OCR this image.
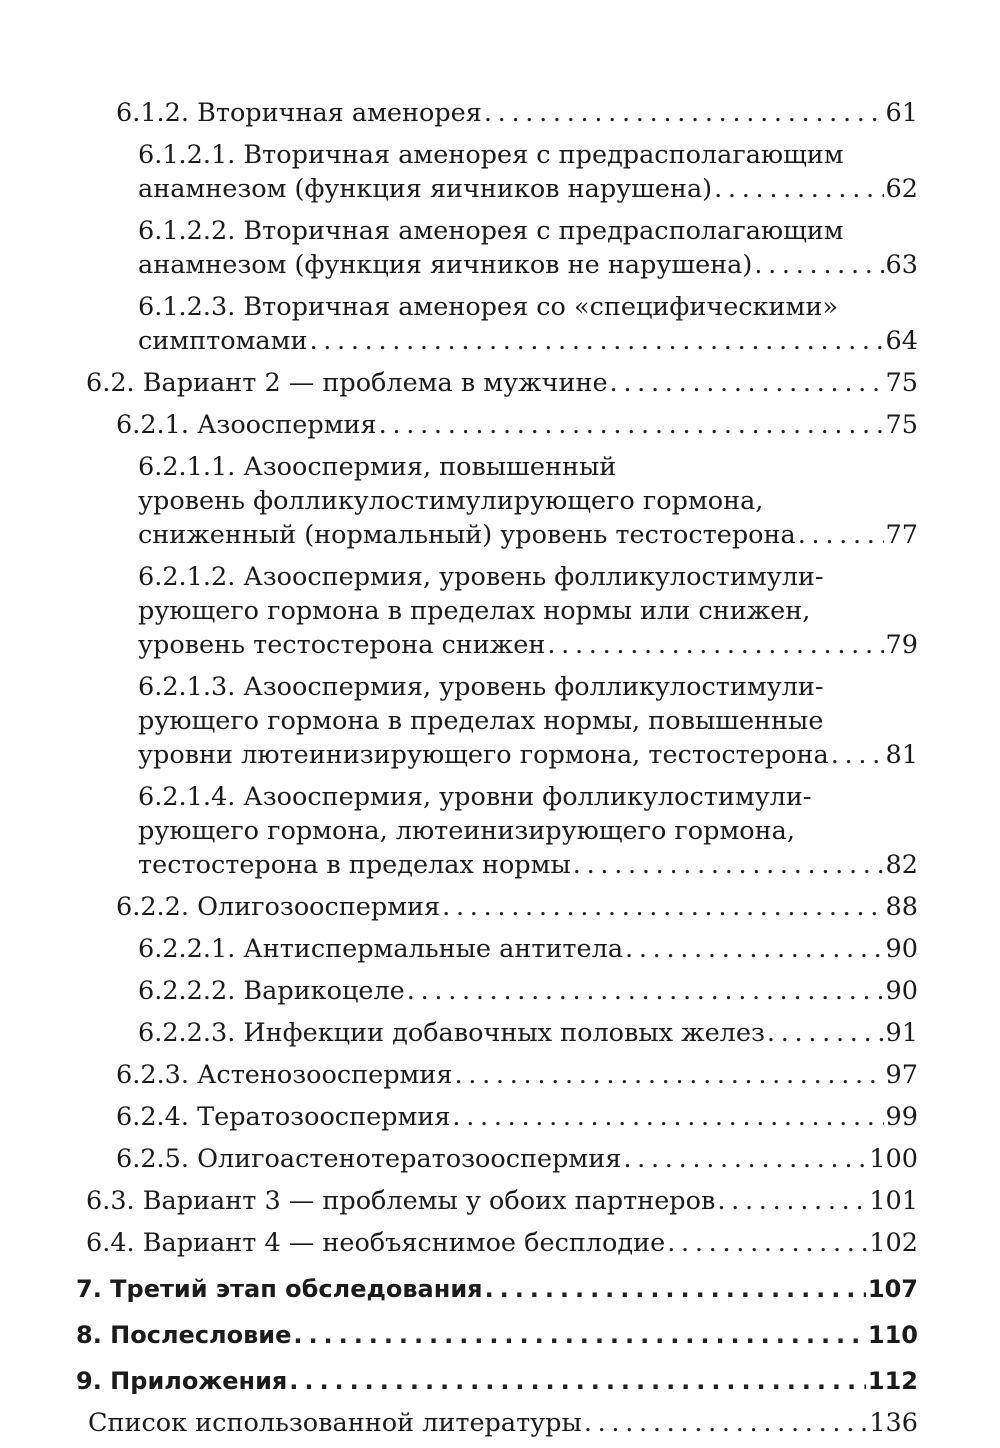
6.1.2. Вторичная аменорея . . .	61
6.1.2.1. Вторичная аменорея с предрасполагающим
анамнезом (функция яичников нарушена) . . .	62
6.1.2.2. Вторичная аменорея с предрасполагающим
анамнезом (функция яичников не нарушена) . . .	63
6.1.2.3. Вторичная аменорея со «специфическими»
симптомами . . .	64
6.2. Вариант 2 — проблема в мужчине . . .	75
6.2.1. Азооспермия . . .	75
6.2.1.1. Азооспермия, повышенный
уровень фолликулостимулирующего гормона,
сниженный (нормальный) уровень тестостерона . . .	77
6.2.1.2. Азооспермия, уровень фолликулостимули-
рующего гормона в пределах нормы или снижен,
уровень тестостерона снижен . . .	79
6.2.1.3. Азооспермия, уровень фолликулостимули-
рующего гормона в пределах нормы, повышенные
уровни лютеинизирующего гормона, тестостерона . . . 81
6.2.1.4. Азооспермия, уровни фолликулостимули-
рующего гормона, лютеинизирующего гормона,
тестостерона в пределах нормы . . .	82
6.2.2. Олигозооспермия . . .	88
6.2.2.1. Антиспермальные антитела . . .	90
6.2.2.2. Варикоцеле . . .	90
6.2.2.3. Инфекции добавочных половых желез . . .	91
6.2.3. Астенозооспермия . . .	97
6.2.4. Тератозооспермия . . .	99
6.2.5. Олигоастенотератозооспермия . . .	100
6.3. Вариант 3 — проблемы у обоих партнеров . . .	101
6.4. Вариант 4 — необъяснимое бесплодие . . .	102
7. Третий этап обследования . . .	107
8. Послесловие . . .	110
9. Приложения . . .	112
Список использованной литературы . . .	136
